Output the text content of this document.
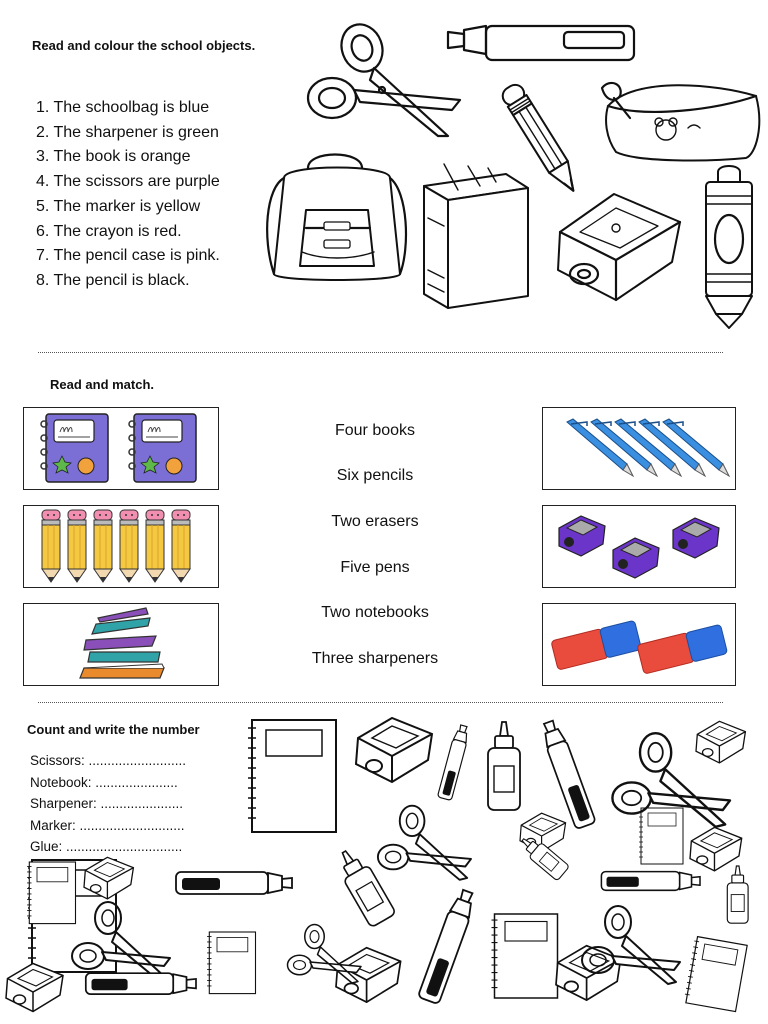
Read and colour the school objects.
1. The schoolbag is blue
2. The sharpener is green
3. The book is orange
4. The scissors are purple
5. The marker is yellow
6. The crayon is red.
7. The pencil case is pink.
8. The pencil is black.
Read and match.
Four books
Six pencils
Two erasers
Five pens
Two notebooks
Three sharpeners
Count and write the number
Scissors: ..........................
Notebook: ......................
Sharpener: ......................
Marker: ............................
Glue: ...............................
